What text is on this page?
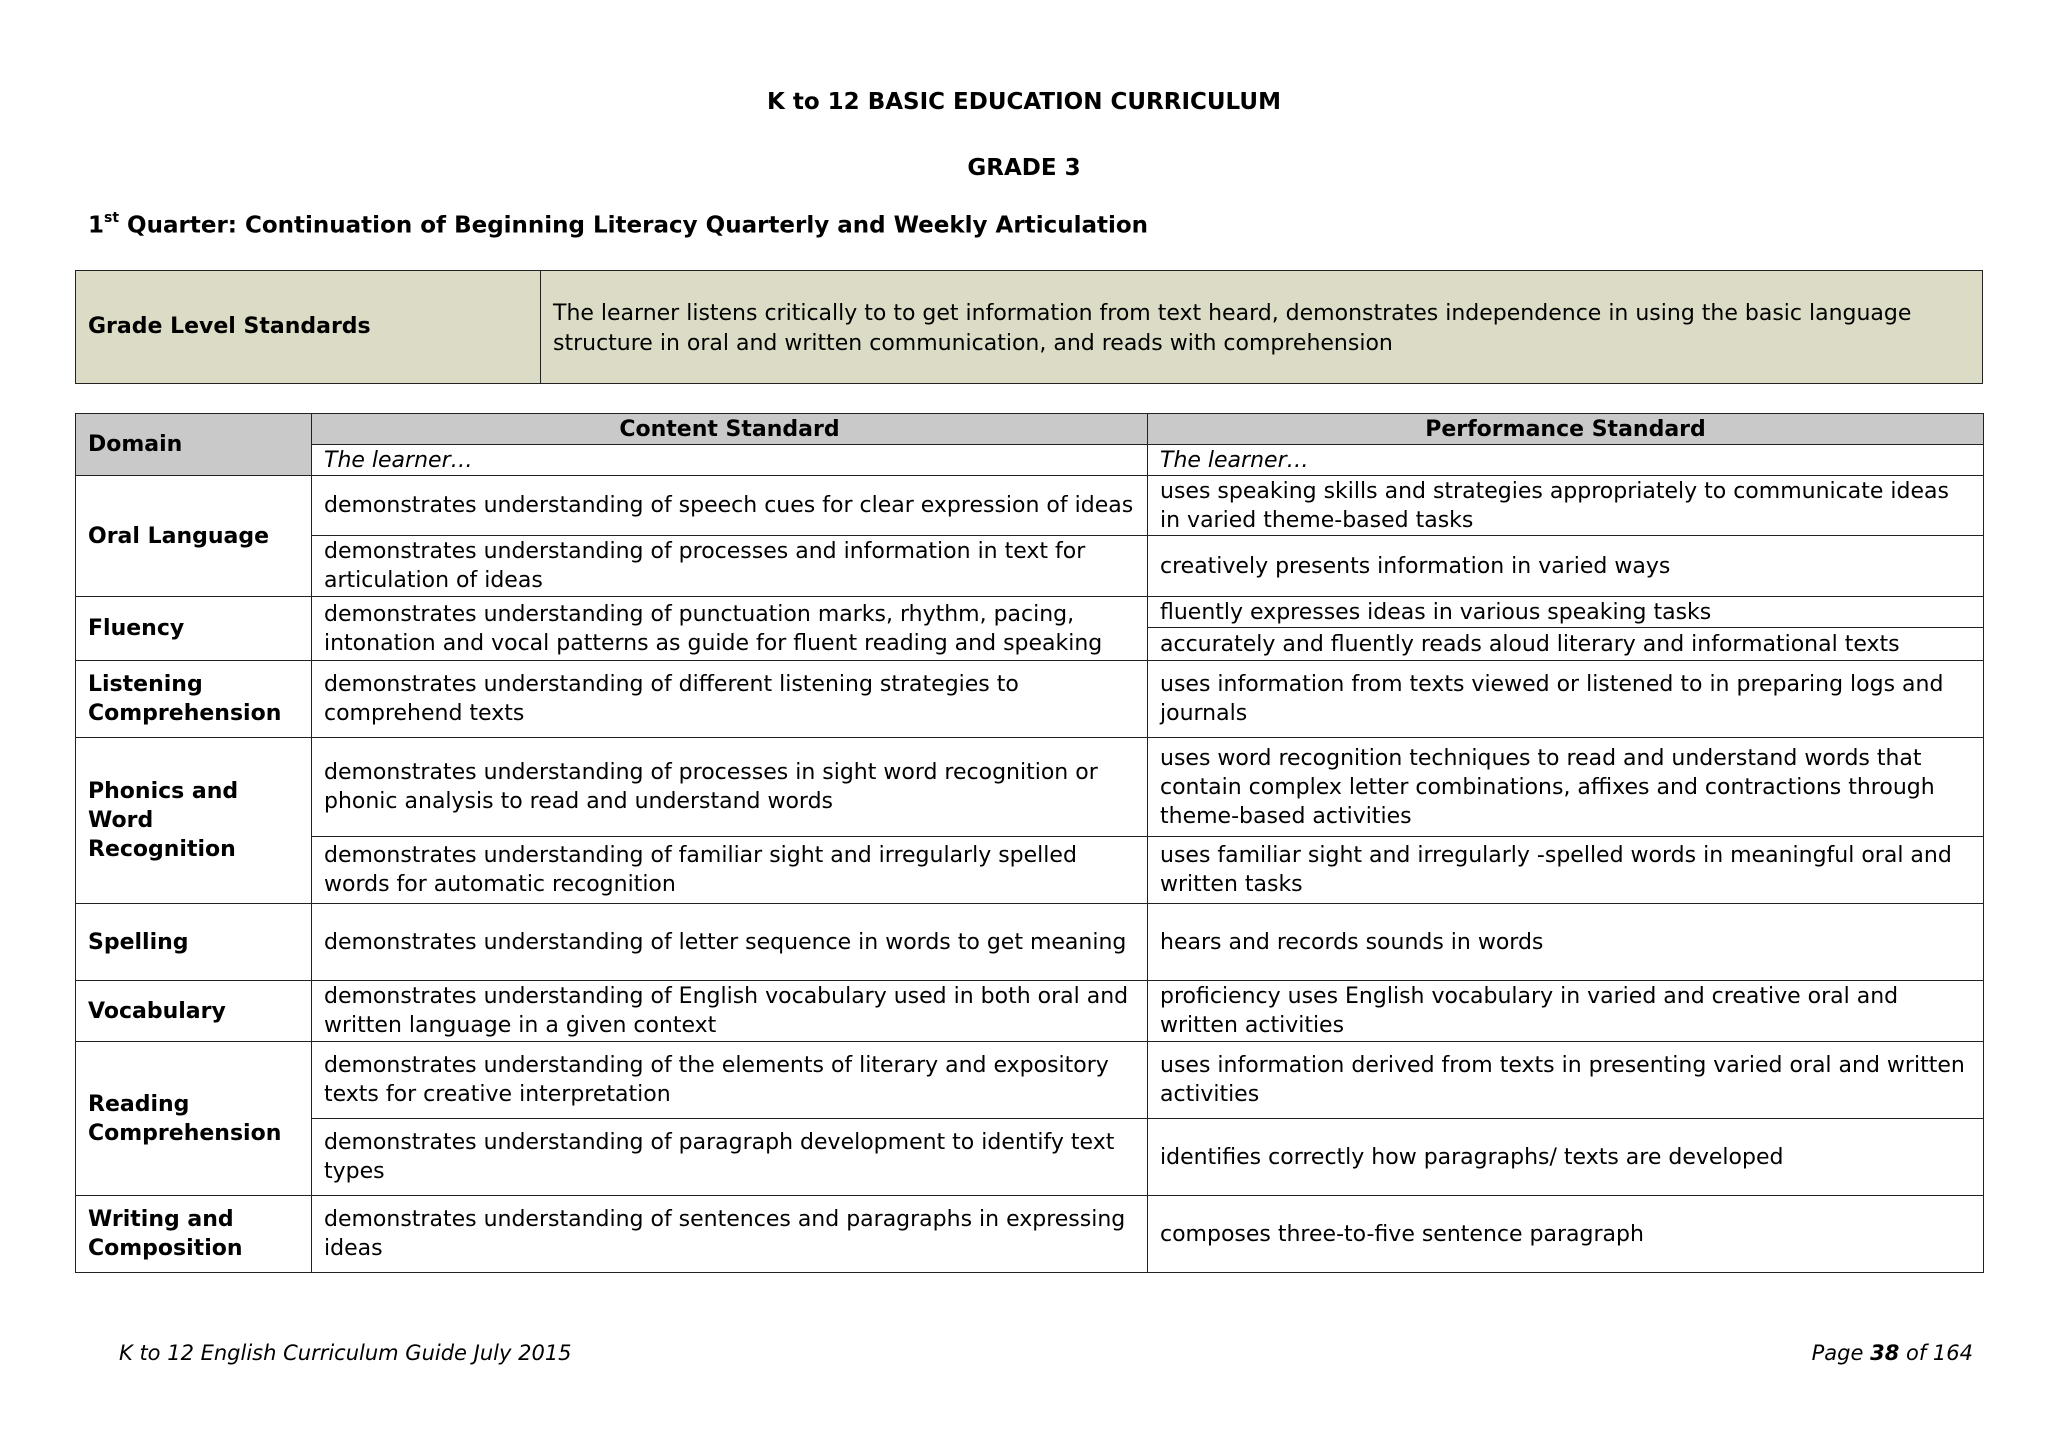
K to 12 BASIC EDUCATION CURRICULUM
GRADE 3
1st Quarter: Continuation of Beginning Literacy Quarterly and Weekly Articulation
Grade Level Standards	The learner listens critically to to get information from text heard, demonstrates independence in using the basic language structure in oral and written communication, and reads with comprehension
Domain	Content Standard	Performance Standard
	The learner…	The learner…
Oral Language	demonstrates understanding of speech cues for clear expression of ideas	uses speaking skills and strategies appropriately to communicate ideas in varied theme-based tasks
	demonstrates understanding of processes and information in text for articulation of ideas	creatively presents information in varied ways
Fluency	demonstrates understanding of punctuation marks, rhythm, pacing, intonation and vocal patterns as guide for fluent reading and speaking	fluently expresses ideas in various speaking tasks
		accurately and fluently reads aloud literary and informational texts
Listening Comprehension	demonstrates understanding of different listening strategies to comprehend texts	uses information from texts viewed or listened to in preparing logs and journals
Phonics and Word Recognition	demonstrates understanding of processes in sight word recognition or phonic analysis to read and understand words	uses word recognition techniques to read and understand words that contain complex letter combinations, affixes and contractions through theme-based activities
	demonstrates understanding of familiar sight and irregularly spelled words for automatic recognition	uses familiar sight and irregularly -spelled words in meaningful oral and written tasks
Spelling	demonstrates understanding of letter sequence in words to get meaning	hears and records sounds in words
Vocabulary	demonstrates understanding of English vocabulary used in both oral and written language in a given context	proficiency uses English vocabulary in varied and creative oral and written activities
Reading Comprehension	demonstrates understanding of the elements of literary and expository texts for creative interpretation	uses information derived from texts in presenting varied oral and written activities
	demonstrates understanding of paragraph development to identify text types	identifies correctly how paragraphs/ texts are developed
Writing and Composition	demonstrates understanding of sentences and paragraphs in expressing ideas	composes three-to-five sentence paragraph
K to 12 English Curriculum Guide July 2015	Page 38 of 164
